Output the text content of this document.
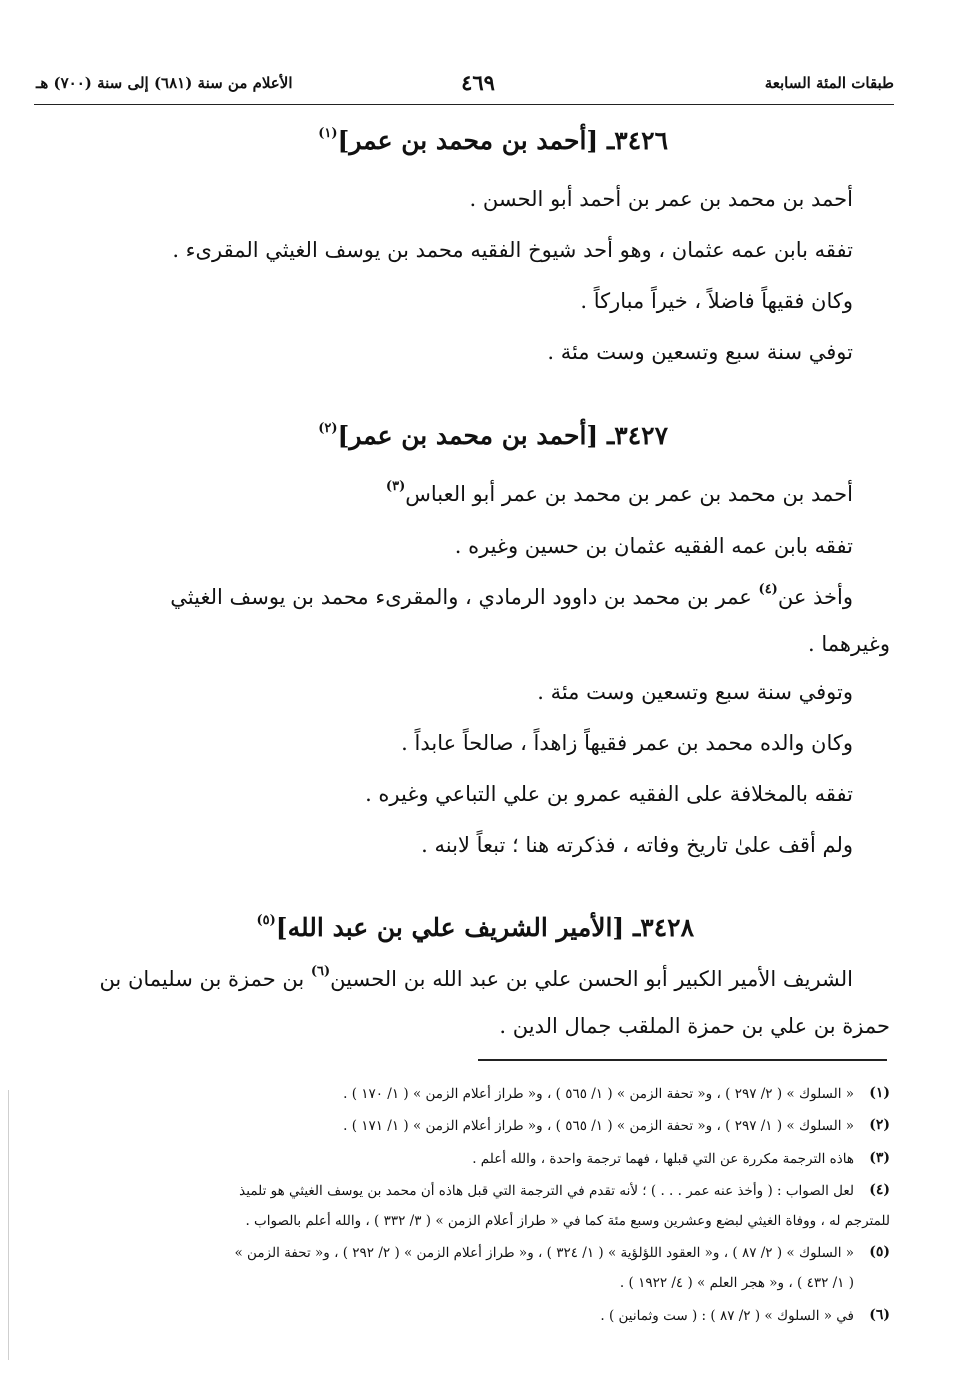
طبقات المئة السابعة
٤٦٩
الأعلام من سنة (٦٨١) إلى سنة (٧٠٠) هـ
٣٤٢٦ـ [أحمد بن محمد بن عمر]$^{(١)}$
أحمد بن محمد بن عمر بن أحمد أبو الحسن .
تفقه بابن عمه عثمان ، وهو أحد شيوخ الفقيه محمد بن يوسف الغيثي المقرىء .
وكان فقيهاً فاضلاً ، خيراً مباركاً .
توفي سنة سبع وتسعين وست مئة .
٣٤٢٧ـ [أحمد بن محمد بن عمر]$^{(٢)}$
أحمد بن محمد بن عمر بن محمد بن عمر أبو العباس$^{(٣)}$
تفقه بابن عمه الفقيه عثمان بن حسين وغيره .
وأخذ عن$^{(٤)}$ عمر بن محمد بن داوود الرمادي ، والمقرىء محمد بن يوسف الغيثي
وغيرهما .
وتوفي سنة سبع وتسعين وست مئة .
وكان والده محمد بن عمر فقيهاً زاهداً ، صالحاً عابداً .
تفقه بالمخلافة على الفقيه عمرو بن علي التباعي وغيره .
ولم أقف علىٰ تاريخ وفاته ، فذكرته هنا ؛ تبعاً لابنه .
٣٤٢٨ـ [الأمير الشريف علي بن عبد الله]$^{(٥)}$
الشريف الأمير الكبير أبو الحسن علي بن عبد الله بن الحسين$^{(٦)}$ بن حمزة بن سليمان بن
حمزة بن علي بن حمزة الملقب جمال الدين .
(١)
« السلوك » ( ٢/ ٢٩٧ ) ، و« تحفة الزمن » ( ١/ ٥٦٥ ) ، و« طراز أعلام الزمن » ( ١/ ١٧٠ ) .
(٢)
« السلوك » ( ١/ ٢٩٧ ) ، و« تحفة الزمن » ( ١/ ٥٦٥ ) ، و« طراز أعلام الزمن » ( ١/ ١٧١ ) .
(٣)
هاذه الترجمة مكررة عن التي قبلها ، فهما ترجمة واحدة ، والله أعلم .
(٤)
لعل الصواب : ( وأخذ عنه عمر . . . ) ؛ لأنه تقدم في الترجمة التي قبل هاذه أن محمد بن يوسف الغيثي هو تلميذ
للمترجم له ، ووفاة الغيثي لبضع وعشرين وسبع مئة كما في « طراز أعلام الزمن » ( ٣/ ٣٣٢ ) ، والله أعلم بالصواب .
(٥)
« السلوك » ( ٢/ ٨٧ ) ، و« العقود اللؤلؤية » ( ١/ ٣٢٤ ) ، و« طراز أعلام الزمن » ( ٢/ ٢٩٢ ) ، و« تحفة الزمن »
( ١/ ٤٣٢ ) ، و« هجر العلم » ( ٤/ ١٩٢٢ ) .
(٦)
في « السلوك » ( ٢/ ٨٧ ) : ( ست وثمانين ) .
